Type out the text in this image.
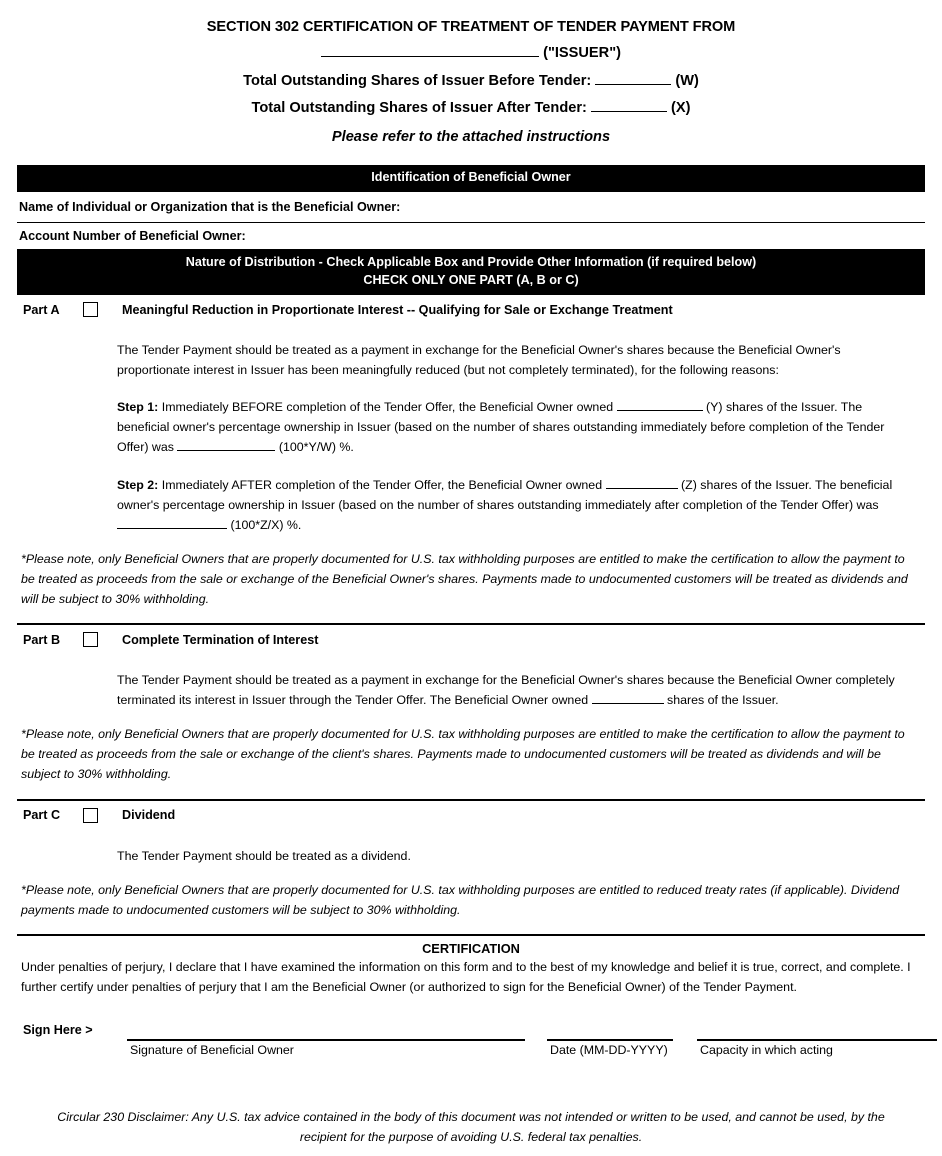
SECTION 302 CERTIFICATION OF TREATMENT OF TENDER PAYMENT FROM
("ISSUER")
Total Outstanding Shares of Issuer Before Tender:	(W)
Total Outstanding Shares of Issuer After Tender:	(X)
Please refer to the attached instructions
Identification of Beneficial Owner
Name of Individual or Organization that is the Beneficial Owner:
Account Number of Beneficial Owner:
Nature of Distribution - Check Applicable Box and Provide Other Information (if required below)
CHECK ONLY ONE PART (A, B or C)
Part A	Meaningful Reduction in Proportionate Interest -- Qualifying for Sale or Exchange Treatment

The Tender Payment should be treated as a payment in exchange for the Beneficial Owner's shares because the Beneficial Owner's proportionate interest in Issuer has been meaningfully reduced (but not completely terminated), for the following reasons:

Step 1: Immediately BEFORE completion of the Tender Offer, the Beneficial Owner owned	(Y) shares of the Issuer. The beneficial owner's percentage ownership in Issuer (based on the number of shares outstanding immediately before completion of the Tender Offer) was	(100*Y/W) %.

Step 2: Immediately AFTER completion of the Tender Offer, the Beneficial Owner owned	(Z) shares of the Issuer. The beneficial owner's percentage ownership in Issuer (based on the number of shares outstanding immediately after completion of the Tender Offer) was  (100*Z/X) %.

*Please note, only Beneficial Owners that are properly documented for U.S. tax withholding purposes are entitled to make the certification to allow the payment to be treated as proceeds from the sale or exchange of the Beneficial Owner's shares. Payments made to undocumented customers will be treated as dividends and will be subject to 30% withholding.
Part B	Complete Termination of Interest

The Tender Payment should be treated as a payment in exchange for the Beneficial Owner's shares because the Beneficial Owner completely terminated its interest in Issuer through the Tender Offer. The Beneficial Owner owned	shares of the Issuer.

*Please note, only Beneficial Owners that are properly documented for U.S. tax withholding purposes are entitled to make the certification to allow the payment to be treated as proceeds from the sale or exchange of the client's shares. Payments made to undocumented customers will be treated as dividends and will be subject to 30% withholding.
Part C	Dividend

The Tender Payment should be treated as a dividend.

*Please note, only Beneficial Owners that are properly documented for U.S. tax withholding purposes are entitled to reduced treaty rates (if applicable). Dividend payments made to undocumented customers will be subject to 30% withholding.
CERTIFICATION
Under penalties of perjury, I declare that I have examined the information on this form and to the best of my knowledge and belief it is true, correct, and complete. I further certify under penalties of perjury that I am the Beneficial Owner (or authorized to sign for the Beneficial Owner) of the Tender Payment.
Sign Here >
Signature of Beneficial Owner	Date (MM-DD-YYYY)	Capacity in which acting
Circular 230 Disclaimer: Any U.S. tax advice contained in the body of this document was not intended or written to be used, and cannot be used, by the recipient for the purpose of avoiding U.S. federal tax penalties.
